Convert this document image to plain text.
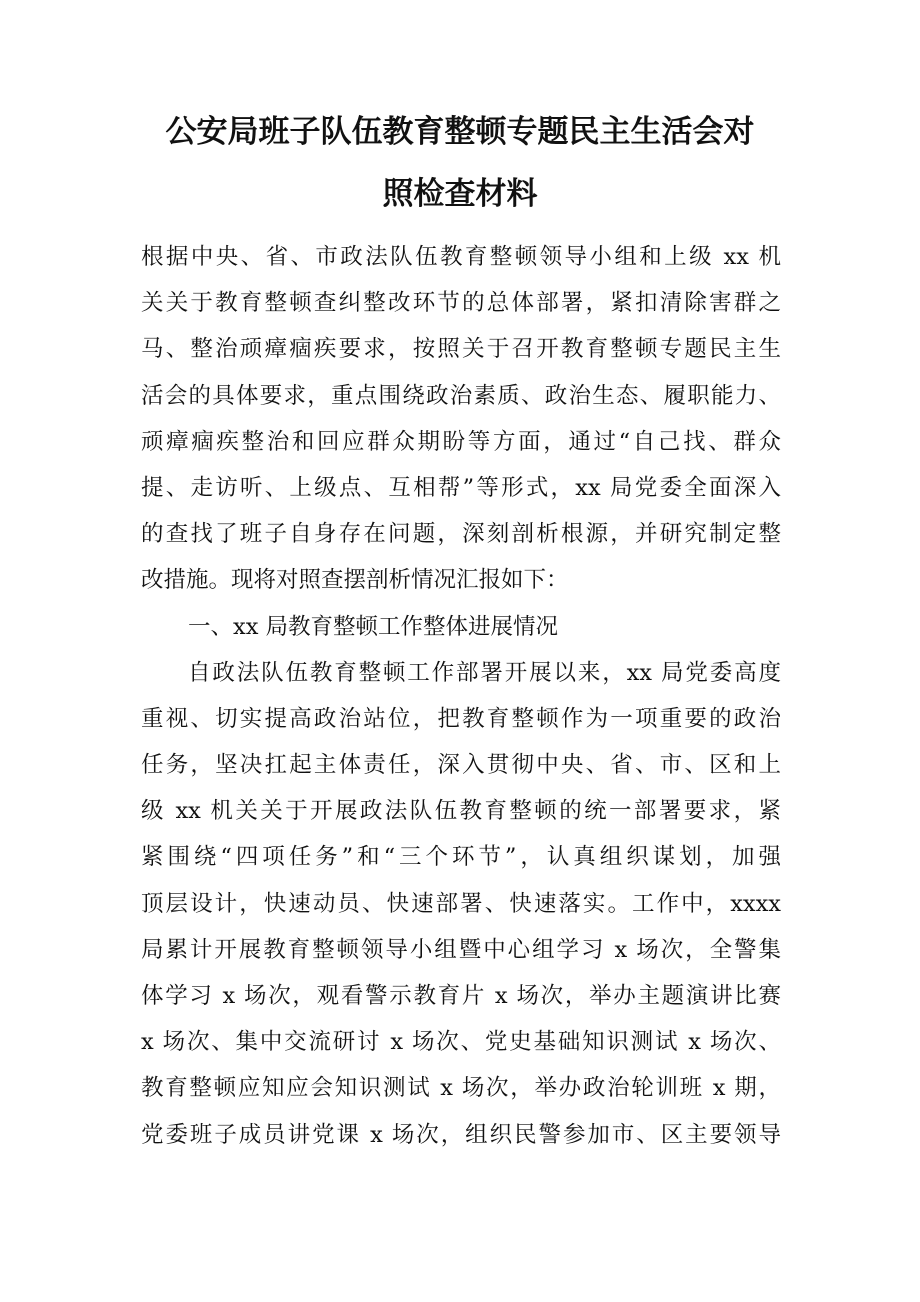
公安局班子队伍教育整顿专题民主生活会对
照检查材料
根据中央、省、市政法队伍教育整顿领导小组和上级 xx 机
关关于教育整顿查纠整改环节的总体部署，紧扣清除害群之
马、整治顽瘴痼疾要求，按照关于召开教育整顿专题民主生
活会的具体要求，重点围绕政治素质、政治生态、履职能力、
顽瘴痼疾整治和回应群众期盼等方面，通过“自己找、群众
提、走访听、上级点、互相帮”等形式，xx 局党委全面深入
的查找了班子自身存在问题，深刻剖析根源，并研究制定整
改措施。现将对照查摆剖析情况汇报如下：
一、xx 局教育整顿工作整体进展情况
自政法队伍教育整顿工作部署开展以来，xx 局党委高度
重视、切实提高政治站位，把教育整顿作为一项重要的政治
任务，坚决扛起主体责任，深入贯彻中央、省、市、区和上
级 xx 机关关于开展政法队伍教育整顿的统一部署要求，紧
紧围绕“四项任务”和“三个环节”，认真组织谋划，加强
顶层设计，快速动员、快速部署、快速落实。工作中，xxxx
局累计开展教育整顿领导小组暨中心组学习 x 场次，全警集
体学习 x 场次，观看警示教育片 x 场次，举办主题演讲比赛
x 场次、集中交流研讨 x 场次、党史基础知识测试 x 场次、
教育整顿应知应会知识测试 x 场次，举办政治轮训班 x 期，
党委班子成员讲党课 x 场次，组织民警参加市、区主要领导
